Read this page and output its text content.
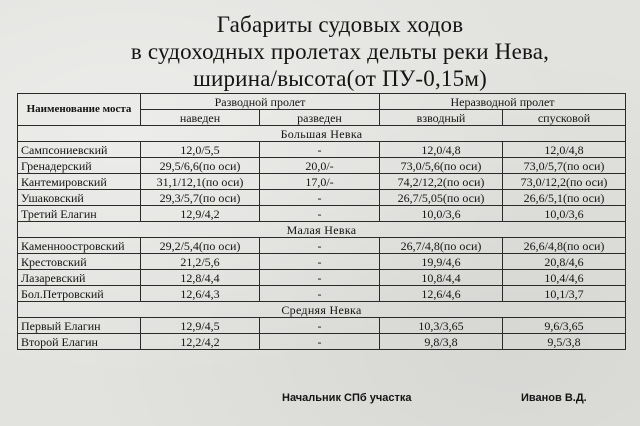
Габариты судовых ходов
в судоходных пролетах дельты реки Нева,
ширина/высота(от ПУ-0,15м)
Наименование моста	Разводной пролет		Неразводной пролет	
	наведен	разведен	взводный	спусковой
Большая Невка				
Сампсониевский	12,0/5,5	-	12,0/4,8	12,0/4,8
Гренадерский	29,5/6,6(по оси)	20,0/-	73,0/5,6(по оси)	73,0/5,7(по оси)
Кантемировский	31,1/12,1(по оси)	17,0/-	74,2/12,2(по оси)	73,0/12,2(по оси)
Ушаковский	29,3/5,7(по оси)	-	26,7/5,05(по оси)	26,6/5,1(по оси)
Третий Елагин	12,9/4,2	-	10,0/3,6	10,0/3,6
Малая Невка				
Каменноостровский	29,2/5,4(по оси)	-	26,7/4,8(по оси)	26,6/4,8(по оси)
Крестовский	21,2/5,6	-	19,9/4,6	20,8/4,6
Лазаревский	12,8/4,4	-	10,8/4,4	10,4/4,6
Бол.Петровский	12,6/4,3	-	12,6/4,6	10,1/3,7
Средняя Невка				
Первый Елагин	12,9/4,5	-	10,3/3,65	9,6/3,65
Второй Елагин	12,2/4,2	-	9,8/3,8	9,5/3,8
Начальник СПб участка	Иванов В.Д.
